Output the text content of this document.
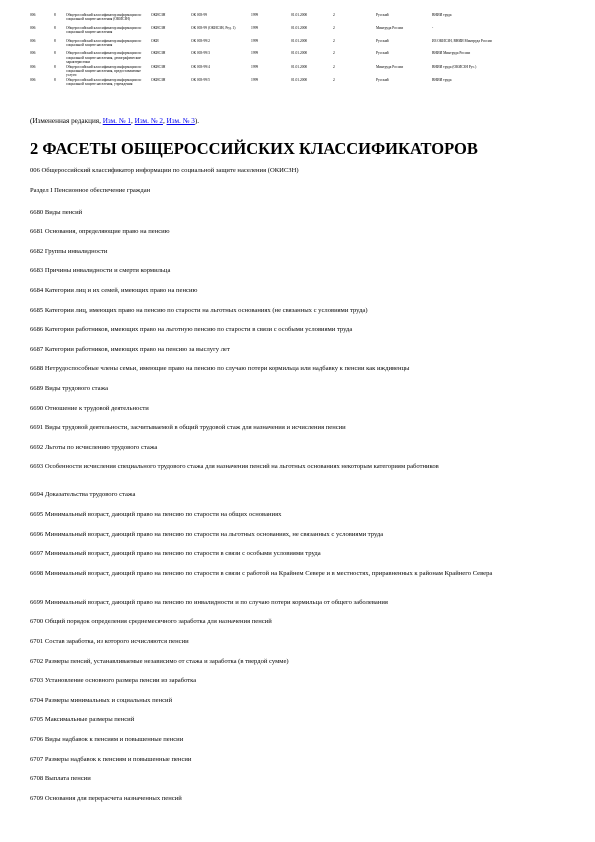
006	8	Общероссийский классификатор информации по социальной защите населения (ОКИСЗН)	ОКИСЗН	ОК 003-99	1999	01.01.2000	2	Русский	ВНИИ труда
006	8	Общероссийский классификатор информации по социальной защите населения	ОКИСЗН	ОК 003-99 (ОКИСЗН, Ред. 1)	1999	01.01.2000	2	Минтруда России	-
006	8	Общероссийский классификатор информации по социальной защите населения	ОКИ	ОК 003-99/2	1999	01.01.2000	2	Русский	ИЗ ОКИСЗН, ВНИИ Минтруда России
006	8	Общероссийский классификатор информации по социальной защите населения, демографические характеристики	ОКИСЗН	ОК 003-99/3	1999	01.01.2000	2	Русский	ВНИИ Минтруда России
006	8	Общероссийский классификатор информации по социальной защите населения, предоставляемые услуги	ОКИСЗН	ОК 003-99/4	1999	01.01.2000	2	Минтруда России	ВНИИ труда (ОКИСЗН Рус.)
006	8	Общероссийский классификатор информации по социальной защите населения, учреждения	ОКИСЗН	ОК 003-99/5	1999	01.01.2000	2	Русский	ВНИИ труда
(Измененная редакция, Изм. № 1, Изм. № 2, Изм. № 3).
2 ФАСЕТЫ ОБЩЕРОССИЙСКИХ КЛАССИФИКАТОРОВ
006 Общероссийский классификатор информации по социальной защите населения (ОКИСЗН)
Раздел I Пенсионное обеспечение граждан
6680 Виды пенсий
6681 Основания, определяющие право на пенсию
6682 Группы инвалидности
6683 Причины инвалидности и смерти кормильца
6684 Категории лиц и их семей, имеющих право на пенсию
6685 Категории лиц, имеющих право на пенсию по старости на льготных основаниях (не связанных с условиями труда)
6686 Категории работников, имеющих право на льготную пенсию по старости в связи с особыми условиями труда
6687 Категории работников, имеющих право на пенсию за выслугу лет
6688 Нетрудоспособные члены семьи, имеющие право на пенсию по случаю потери кормильца или надбавку к пенсии как иждивенцы
6689 Виды трудового стажа
6690 Отношение к трудовой деятельности
6691 Виды трудовой деятельности, засчитываемой в общий трудовой стаж для назначения и исчисления пенсии
6692 Льготы по исчислению трудового стажа
6693 Особенности исчисления специального трудового стажа для назначения пенсий на льготных основаниях некоторым категориям работников
6694 Доказательства трудового стажа
6695 Минимальный возраст, дающий право на пенсию по старости на общих основаниях
6696 Минимальный возраст, дающий право на пенсию по старости на льготных основаниях, не связанных с условиями труда
6697 Минимальный возраст, дающий право на пенсию по старости в связи с особыми условиями труда
6698 Минимальный возраст, дающий право на пенсию по старости в связи с работой на Крайнем Севере и в местностях, приравненных к районам Крайнего Севера
6699 Минимальный возраст, дающий право на пенсию по инвалидности и по случаю потери кормильца от общего заболевания
6700 Общий порядок определения среднемесячного заработка для назначения пенсий
6701 Состав заработка, из которого исчисляются пенсии
6702 Размеры пенсий, устанавливаемые независимо от стажа и заработка (в твердой сумме)
6703 Установление основного размера пенсии из заработка
6704 Размеры минимальных и социальных пенсий
6705 Максимальные размеры пенсий
6706 Виды надбавок к пенсиям и повышенные пенсии
6707 Размеры надбавок к пенсиям и повышенные пенсии
6708 Выплата пенсии
6709 Основания для перерасчета назначенных пенсий
